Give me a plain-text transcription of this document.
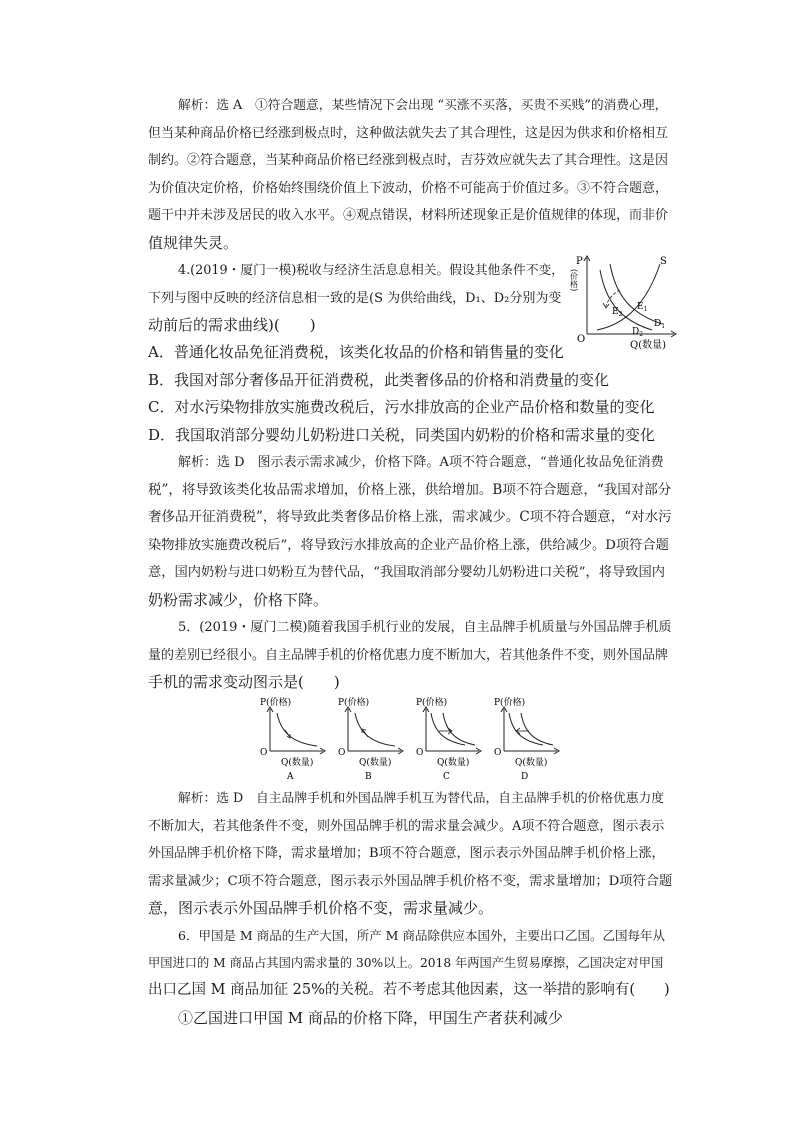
解析：选 A　①符合题意，某些情况下会出现 “买涨不买落，买贵不买贱”的消费心理，
但当某种商品价格已经涨到极点时，这种做法就失去了其合理性，这是因为供求和价格相互
制约。②符合题意，当某种商品价格已经涨到极点时，吉芬效应就失去了其合理性。这是因
为价值决定价格，价格始终围绕价值上下波动，价格不可能高于价值过多。③不符合题意，
题干中并未涉及居民的收入水平。④观点错误，材料所述现象正是价值规律的体现，而非价
值规律失灵。
4.(2019・厦门一模)税收与经济生活息息相关。假设其他条件不变，
下列与图中反映的经济信息相一致的是(S 为供给曲线，D₁、D₂分别为变
动前后的需求曲线)(　　)
P
(价格)
O
Q(数量)
S
$E_1$
$E_2$
$D_1$
$D_2$
A．普通化妆品免征消费税，该类化妆品的价格和销售量的变化
B．我国对部分奢侈品开征消费税，此类奢侈品的价格和消费量的变化
C．对水污染物排放实施费改税后，污水排放高的企业产品价格和数量的变化
D．我国取消部分婴幼儿奶粉进口关税，同类国内奶粉的价格和需求量的变化
解析：选 D　图示表示需求减少，价格下降。A项不符合题意，“普通化妆品免征消费
税”，将导致该类化妆品需求增加，价格上涨，供给增加。B项不符合题意，“我国对部分
奢侈品开征消费税”，将导致此类奢侈品价格上涨，需求减少。C项不符合题意，“对水污
染物排放实施费改税后”，将导致污水排放高的企业产品价格上涨，供给减少。D项符合题
意，国内奶粉与进口奶粉互为替代品，“我国取消部分婴幼儿奶粉进口关税”，将导致国内
奶粉需求减少，价格下降。
5．(2019・厦门二模)随着我国手机行业的发展，自主品牌手机质量与外国品牌手机质
量的差别已经很小。自主品牌手机的价格优惠力度不断加大，若其他条件不变，则外国品牌
手机的需求变动图示是(　　)
P(价格)
O
Q(数量)
A
P(价格)
O
Q(数量)
B
P(价格)
O
Q(数量)
C
P(价格)
O
Q(数量)
D
解析：选 D　自主品牌手机和外国品牌手机互为替代品，自主品牌手机的价格优惠力度
不断加大，若其他条件不变，则外国品牌手机的需求量会减少。A项不符合题意，图示表示
外国品牌手机价格下降，需求量增加；B项不符合题意，图示表示外国品牌手机价格上涨，
需求量减少；C项不符合题意，图示表示外国品牌手机价格不变，需求量增加；D项符合题
意，图示表示外国品牌手机价格不变，需求量减少。
6．甲国是 M 商品的生产大国，所产 M 商品除供应本国外，主要出口乙国。乙国每年从
甲国进口的 M 商品占其国内需求量的 30%以上。2018 年两国产生贸易摩擦，乙国决定对甲国
出口乙国 M 商品加征 25%的关税。若不考虑其他因素，这一举措的影响有(　　)
①乙国进口甲国 M 商品的价格下降，甲国生产者获利减少
